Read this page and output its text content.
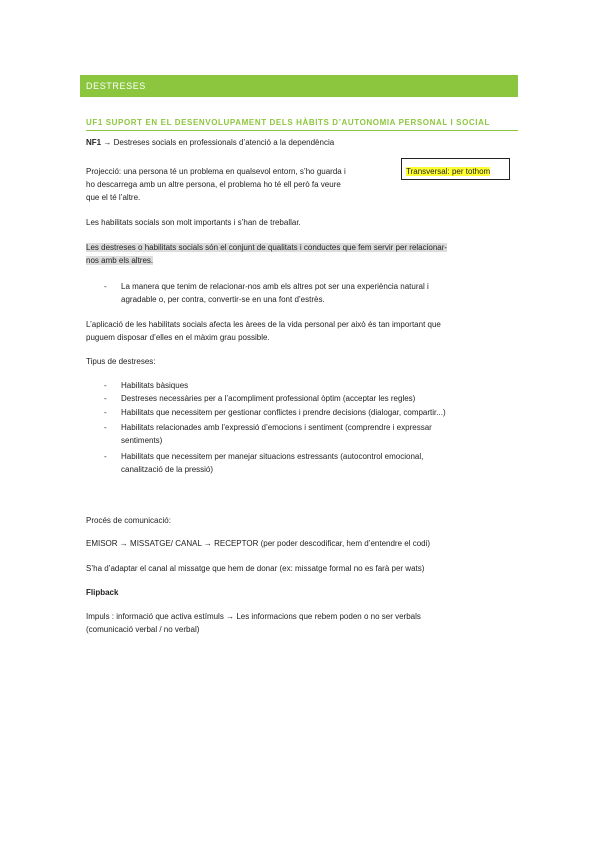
DESTRESES
UF1 SUPORT EN EL DESENVOLUPAMENT DELS HÀBITS D’AUTONOMIA PERSONAL I SOCIAL
NF1 → Destreses socials en professionals d’atenció a la dependència
Projecció: una persona té un problema en qualsevol entorn, s’ho guarda i
ho descarrega amb un altre persona, el problema ho té ell però fa veure
que el té l’altre.
Transversal: per tothom
Les habilitats socials son molt importants i s’han de treballar.
Les destreses o habilitats socials són el conjunt de qualitats i conductes que fem servir per relacionar-
nos amb els altres.
- La manera que tenim de relacionar-nos amb els altres pot ser una experiència natural i
agradable o, per contra, convertir-se en una font d’estrès.
L’aplicació de les habilitats socials afecta les àrees de la vida personal per això és tan important que
puguem disposar d’elles en el màxim grau possible.
Tipus de destreses:
- Habilitats bàsiques
- Destreses necessàries per a l’acompliment professional òptim (acceptar les regles)
- Habilitats que necessitem per gestionar conflictes i prendre decisions (dialogar, compartir...)
- Habilitats relacionades amb l’expressió d’emocions i sentiment (comprendre i expressar
sentiments)
- Habilitats que necessitem per manejar situacions estressants (autocontrol emocional,
canalització de la pressió)
Procés de comunicació:
EMISOR → MISSATGE/ CANAL → RECEPTOR (per poder descodificar, hem d’entendre el codi)
S’ha d’adaptar el canal al missatge que hem de donar (ex: missatge formal no es farà per wats)
Flipback
Impuls : informació que activa estímuls → Les informacions que rebem poden o no ser verbals
(comunicació verbal / no verbal)
